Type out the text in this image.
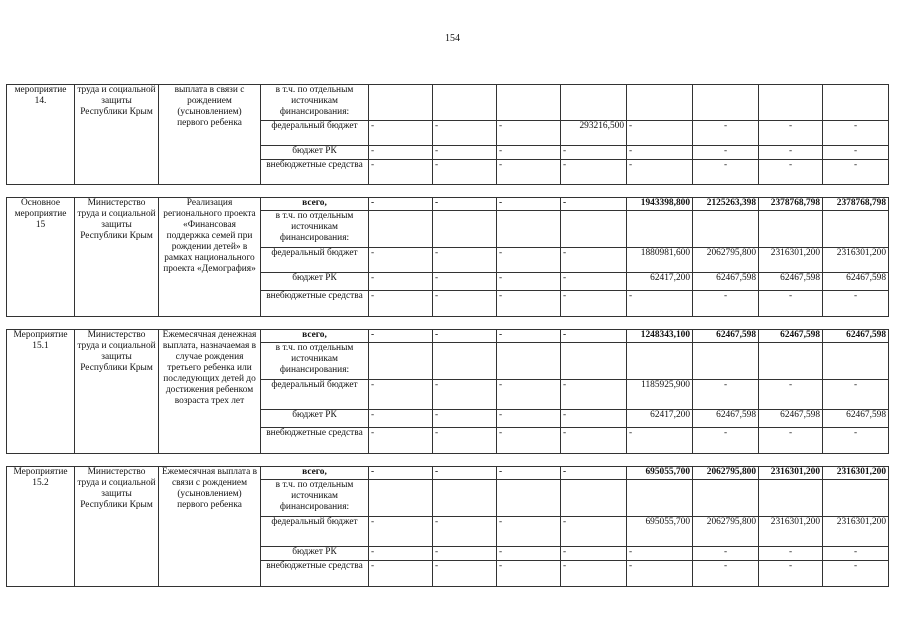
154
мероприятие 14.	труда и социальной защиты Республики Крым	выплата в связи с рождением (усыновлением) первого ребенка	в т.ч. по отдельным источникам финансирования:								
			федеральный бюджет	-	-	-	293216,500	-	-	-	-
			бюджет РК	-	-	-	-	-	-	-	-
			внебюджетные средства	-	-	-	-	-	-	-	-

Основное мероприятие 15	Министерство труда и социальной защиты Республики Крым	Реализация регионального проекта «Финансовая поддержка семей при рождении детей» в рамках национального проекта «Демография»	всего,	-	-	-	-	1943398,800	2125263,398	2378768,798	2378768,798
			в т.ч. по отдельным источникам финансирования:								
			федеральный бюджет	-	-	-	-	1880981,600	2062795,800	2316301,200	2316301,200
			бюджет РК	-	-	-	-	62417,200	62467,598	62467,598	62467,598
			внебюджетные средства	-	-	-	-	-	-	-	-

Мероприятие 15.1	Министерство труда и социальной защиты Республики Крым	Ежемесячная денежная выплата, назначаемая в случае рождения третьего ребенка или последующих детей до достижения ребенком возраста трех лет	всего,	-	-	-	-	1248343,100	62467,598	62467,598	62467,598
			в т.ч. по отдельным источникам финансирования:								
			федеральный бюджет	-	-	-	-	1185925,900	-	-	-
			бюджет РК	-	-	-	-	62417,200	62467,598	62467,598	62467,598
			внебюджетные средства	-	-	-	-	-	-	-	-

Мероприятие 15.2	Министерство труда и социальной защиты Республики Крым	Ежемесячная выплата в связи с рождением (усыновлением) первого ребенка	всего,	-	-	-	-	695055,700	2062795,800	2316301,200	2316301,200
			в т.ч. по отдельным источникам финансирования:								
			федеральный бюджет	-	-	-	-	695055,700	2062795,800	2316301,200	2316301,200
			бюджет РК	-	-	-	-	-	-	-	-
			внебюджетные средства	-	-	-	-	-	-	-	-
